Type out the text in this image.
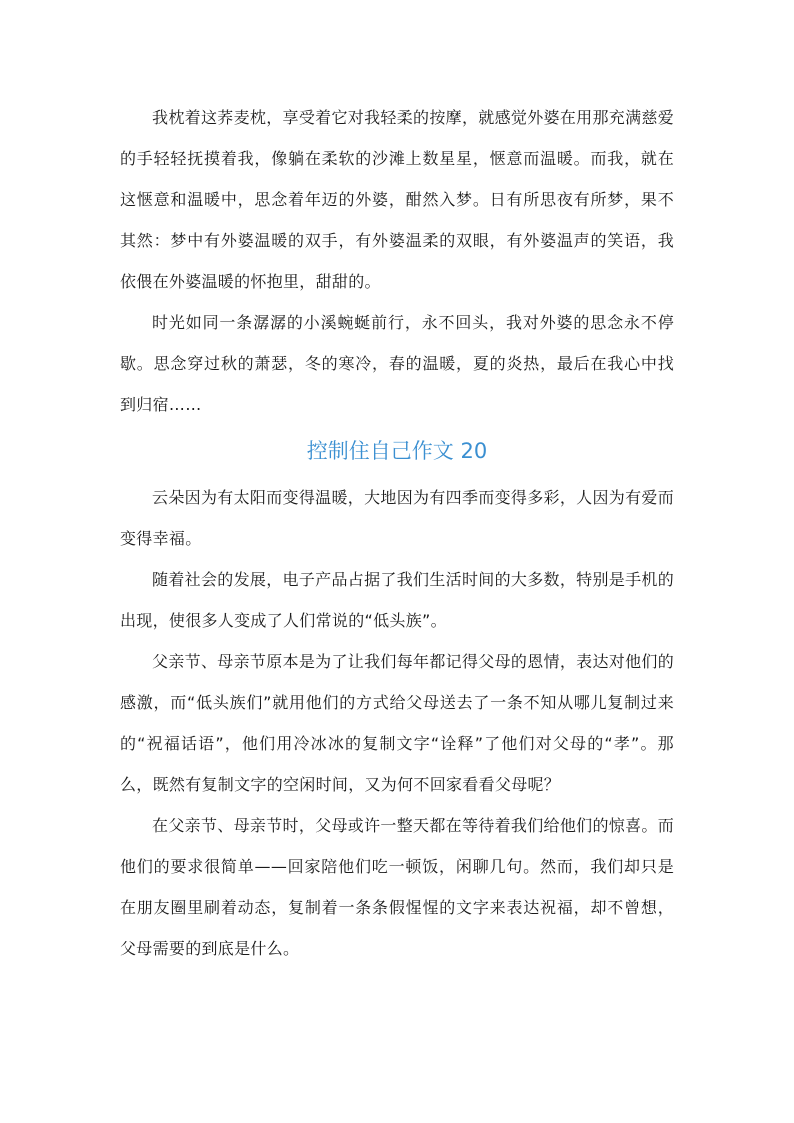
我枕着这荞麦枕，享受着它对我轻柔的按摩，就感觉外婆在用那充满慈爱的手轻轻抚摸着我，像躺在柔软的沙滩上数星星，惬意而温暖。而我，就在这惬意和温暖中，思念着年迈的外婆，酣然入梦。日有所思夜有所梦，果不其然：梦中有外婆温暖的双手，有外婆温柔的双眼，有外婆温声的笑语，我依偎在外婆温暖的怀抱里，甜甜的。

时光如同一条潺潺的小溪蜿蜒前行，永不回头，我对外婆的思念永不停歇。思念穿过秋的萧瑟，冬的寒冷，春的温暖，夏的炎热，最后在我心中找到归宿……

控制住自己作文 20

云朵因为有太阳而变得温暖，大地因为有四季而变得多彩，人因为有爱而变得幸福。

随着社会的发展，电子产品占据了我们生活时间的大多数，特别是手机的出现，使很多人变成了人们常说的“低头族”。

父亲节、母亲节原本是为了让我们每年都记得父母的恩情，表达对他们的感激，而“低头族们”就用他们的方式给父母送去了一条不知从哪儿复制过来的“祝福话语”，他们用冷冰冰的复制文字“诠释”了他们对父母的“孝”。那么，既然有复制文字的空闲时间，又为何不回家看看父母呢？

在父亲节、母亲节时，父母或许一整天都在等待着我们给他们的惊喜。而他们的要求很简单——回家陪他们吃一顿饭，闲聊几句。然而，我们却只是在朋友圈里刷着动态，复制着一条条假惺惺的文字来表达祝福，却不曾想，父母需要的到底是什么。
